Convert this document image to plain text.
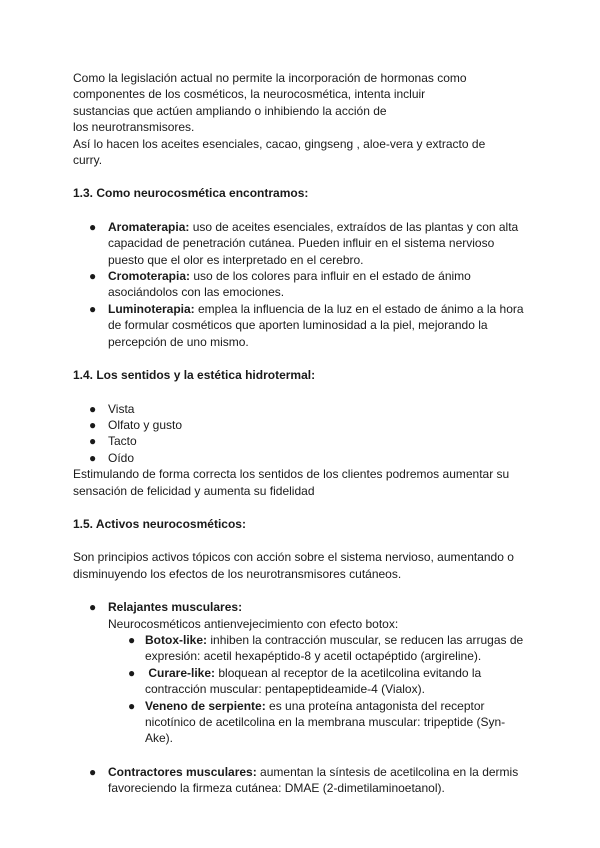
Como la legislación actual no permite la incorporación de hormonas como

componentes de los cosméticos, la neurocosmética, intenta incluir

sustancias que actúen ampliando o inhibiendo la acción de

los neurotransmisores.

Así lo hacen los aceites esenciales, cacao, gingseng , aloe-vera y extracto de

curry.

1.3. Como neurocosmética encontramos:

● Aromaterapia: uso de aceites esenciales, extraídos de las plantas y con alta capacidad de penetración cutánea. Pueden influir en el sistema nervioso puesto que el olor es interpretado en el cerebro.
● Cromoterapia: uso de los colores para influir en el estado de ánimo asociándolos con las emociones.
● Luminoterapia: emplea la influencia de la luz en el estado de ánimo a la hora de formular cosméticos que aporten luminosidad a la piel, mejorando la percepción de uno mismo.

1.4. Los sentidos y la estética hidrotermal:

● Vista
● Olfato y gusto
● Tacto
● Oído

Estimulando de forma correcta los sentidos de los clientes podremos aumentar su sensación de felicidad y aumenta su fidelidad

1.5. Activos neurocosméticos:

Son principios activos tópicos con acción sobre el sistema nervioso, aumentando o disminuyendo los efectos de los neurotransmisores cutáneos.

● Relajantes musculares:

Neurocosméticos antienvejecimiento con efecto botox:

● Botox-like: inhiben la contracción muscular, se reducen las arrugas de expresión: acetil hexapéptido-8 y acetil octapéptido (argireline).
● Curare-like: bloquean al receptor de la acetilcolina evitando la contracción muscular: pentapeptideamide-4 (Vialox).
● Veneno de serpiente: es una proteína antagonista del receptor nicotínico de acetilcolina en la membrana muscular: tripeptide (Syn-Ake).
● Contractores musculares: aumentan la síntesis de acetilcolina en la dermis favoreciendo la firmeza cutánea: DMAE (2-dimetilaminoetanol).
